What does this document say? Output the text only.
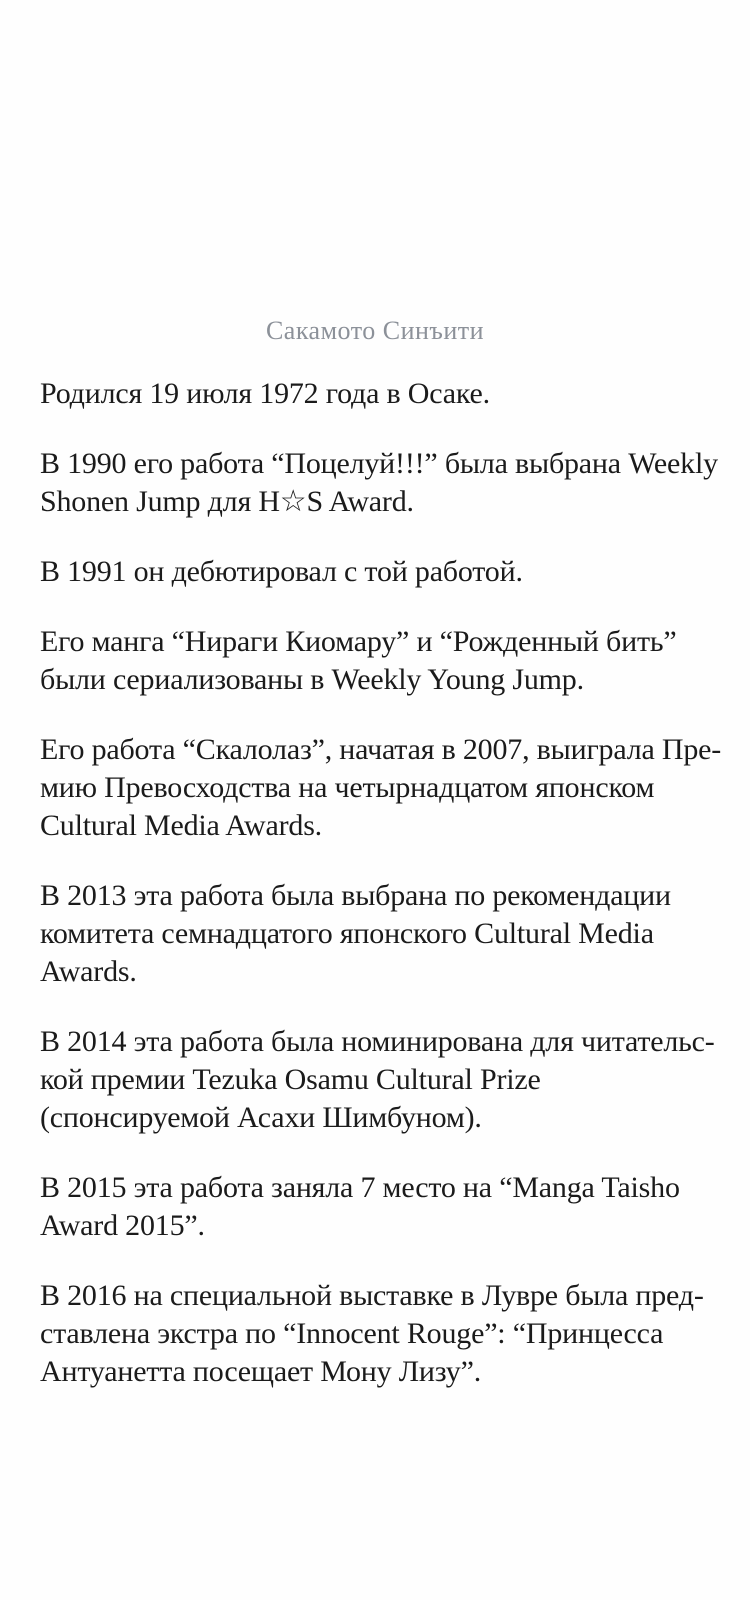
Сакамото Синъити
Родился 19 июля 1972 года в Осаке.
В 1990 его работа “Поцелуй!!!” была выбрана Weekly
Shonen Jump для H☆S Award.
В 1991 он дебютировал с той работой.
Его манга “Нираги Киомару” и “Рожденный бить”
были сериализованы в Weekly Young Jump.
Его работа “Скалолаз”, начатая в 2007, выиграла Пре-
мию Превосходства на четырнадцатом японском
Cultural Media Awards.
В 2013 эта работа была выбрана по рекомендации
комитета семнадцатого японского Cultural Media
Awards.
В 2014 эта работа была номинирована для читательс-
кой премии Tezuka Osamu Cultural Prize
(спонсируемой Асахи Шимбуном).
В 2015 эта работа заняла 7 место на “Manga Taisho
Award 2015”.
В 2016 на специальной выставке в Лувре была пред-
ставлена экстра по “Innocent Rouge”: “Принцесса
Антуанетта посещает Мону Лизу”.
